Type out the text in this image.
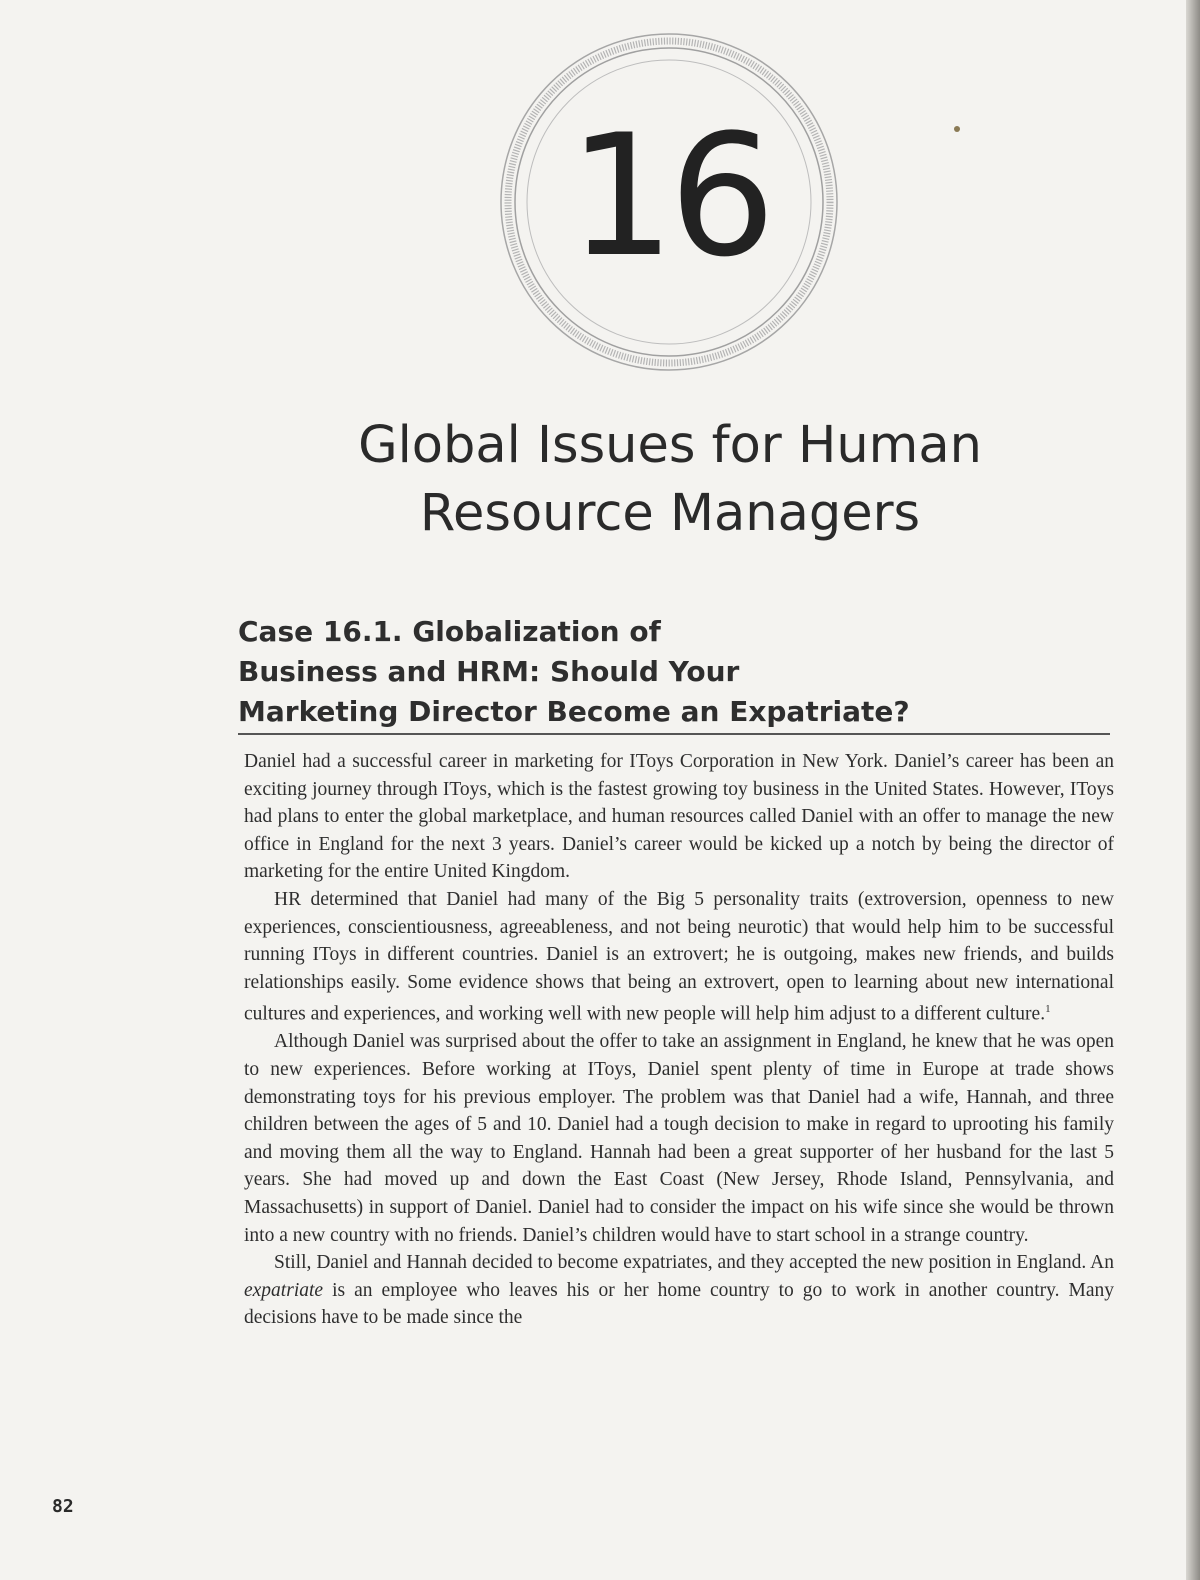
16
Global Issues for Human
Resource Managers
Case 16.1. Globalization of
Business and HRM: Should Your
Marketing Director Become an Expatriate?

Daniel had a successful career in marketing for IToys Corporation in New York. Daniel’s career has been an exciting journey through IToys, which is the fastest growing toy business in the United States. However, IToys had plans to enter the global marketplace, and human resources called Daniel with an offer to manage the new office in England for the next 3 years. Daniel’s career would be kicked up a notch by being the director of marketing for the entire United Kingdom.

HR determined that Daniel had many of the Big 5 personality traits (extroversion, openness to new experiences, conscientiousness, agreeableness, and not being neurotic) that would help him to be successful running IToys in different countries. Daniel is an extrovert; he is outgoing, makes new friends, and builds relationships easily. Some evidence shows that being an extrovert, open to learning about new international cultures and experiences, and working well with new people will help him adjust to a different culture.$^1$

Although Daniel was surprised about the offer to take an assignment in England, he knew that he was open to new experiences. Before working at IToys, Daniel spent plenty of time in Europe at trade shows demonstrating toys for his previous employer. The problem was that Daniel had a wife, Hannah, and three children between the ages of 5 and 10. Daniel had a tough decision to make in regard to uprooting his family and moving them all the way to England. Hannah had been a great supporter of her husband for the last 5 years. She had moved up and down the East Coast (New Jersey, Rhode Island, Pennsylvania, and Massachusetts) in support of Daniel. Daniel had to consider the impact on his wife since she would be thrown into a new country with no friends. Daniel’s children would have to start school in a strange country.

Still, Daniel and Hannah decided to become expatriates, and they accepted the new position in England. An expatriate is an employee who leaves his or her home country to go to work in another country. Many decisions have to be made since the

82
